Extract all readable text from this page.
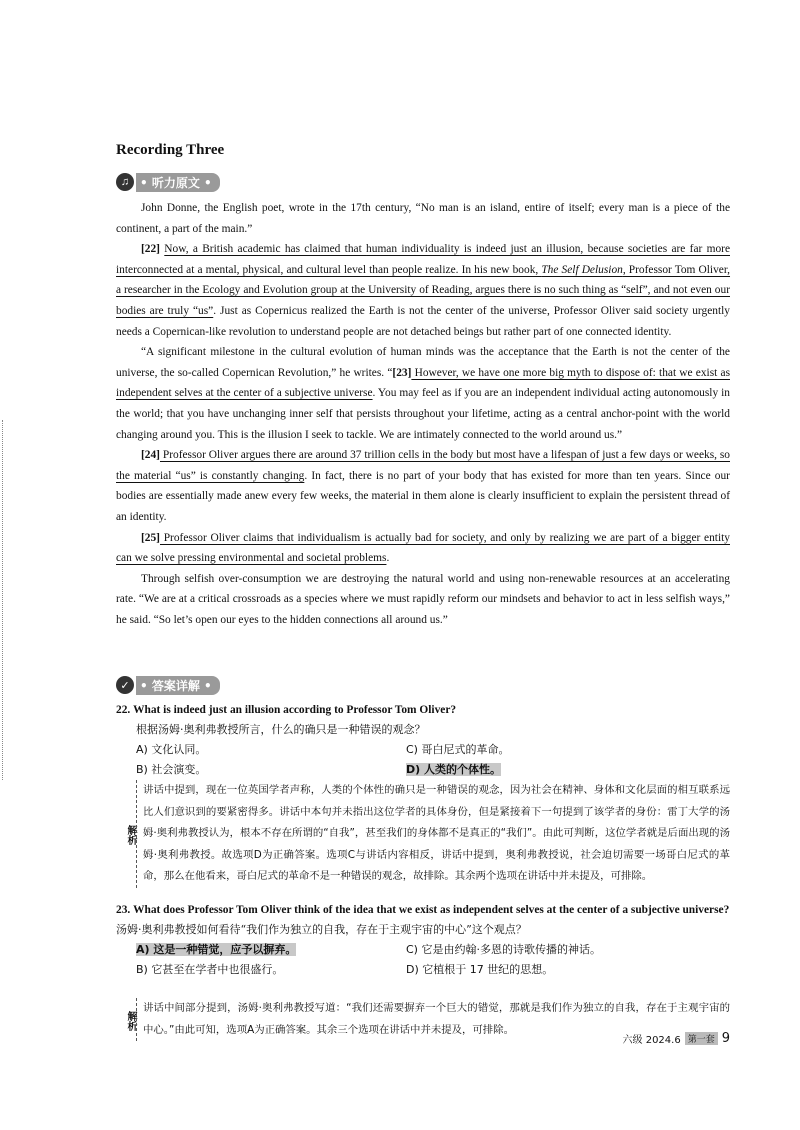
Recording Three
♫ • 听力原文 •

John Donne, the English poet, wrote in the 17th century, “No man is an island, entire of itself; every man is a piece of the continent, a part of the main.”

[22] Now, a British academic has claimed that human individuality is indeed just an illusion, because societies are far more interconnected at a mental, physical, and cultural level than people realize. In his new book, The Self Delusion, Professor Tom Oliver, a researcher in the Ecology and Evolution group at the University of Reading, argues there is no such thing as “self”, and not even our bodies are truly “us”. Just as Copernicus realized the Earth is not the center of the universe, Professor Oliver said society urgently needs a Copernican-like revolution to understand people are not detached beings but rather part of one connected identity.

“A significant milestone in the cultural evolution of human minds was the acceptance that the Earth is not the center of the universe, the so-called Copernican Revolution,” he writes. “[23] However, we have one more big myth to dispose of: that we exist as independent selves at the center of a subjective universe. You may feel as if you are an independent individual acting autonomously in the world; that you have unchanging inner self that persists throughout your lifetime, acting as a central anchor-point with the world changing around you. This is the illusion I seek to tackle. We are intimately connected to the world around us.”

[24] Professor Oliver argues there are around 37 trillion cells in the body but most have a lifespan of just a few days or weeks, so the material “us” is constantly changing. In fact, there is no part of your body that has existed for more than ten years. Since our bodies are essentially made anew every few weeks, the material in them alone is clearly insufficient to explain the persistent thread of an identity.

[25] Professor Oliver claims that individualism is actually bad for society, and only by realizing we are part of a bigger entity can we solve pressing environmental and societal problems.

Through selfish over-consumption we are destroying the natural world and using non-renewable resources at an accelerating rate. “We are at a critical crossroads as a species where we must rapidly reform our mindsets and behavior to act in less selfish ways,” he said. “So let’s open our eyes to the hidden connections all around us.”

✓ • 答案详解 •
22. What is indeed just an illusion according to Professor Tom Oliver?
根据汤姆·奥利弗教授所言，什么的确只是一种错误的观念？
A) 文化认同。	C) 哥白尼式的革命。
B) 社会演变。	D) 人类的个体性。
解析
讲话中提到，现在一位英国学者声称，人类的个体性的确只是一种错误的观念，因为社会在精神、身体和文化层面的相互联系远比人们意识到的要紧密得多。讲话中本句并未指出这位学者的具体身份，但是紧接着下一句提到了该学者的身份：雷丁大学的汤姆·奥利弗教授认为，根本不存在所谓的“自我”，甚至我们的身体都不是真正的“我们”。由此可判断，这位学者就是后面出现的汤姆·奥利弗教授。故选项D为正确答案。选项C与讲话内容相反，讲话中提到，奥利弗教授说，社会迫切需要一场哥白尼式的革命，那么在他看来，哥白尼式的革命不是一种错误的观念，故排除。其余两个选项在讲话中并未提及，可排除。
23. What does Professor Tom Oliver think of the idea that we exist as independent selves at the center of a subjective universe? 汤姆·奥利弗教授如何看待“我们作为独立的自我，存在于主观宇宙的中心”这个观点？
A) 这是一种错觉，应予以摒弃。	C) 它是由约翰·多恩的诗歌传播的神话。
B) 它甚至在学者中也很盛行。	D) 它植根于 17 世纪的思想。
解析
讲话中间部分提到，汤姆·奥利弗教授写道：“我们还需要摒弃一个巨大的错觉，那就是我们作为独立的自我，存在于主观宇宙的中心。”由此可知，选项A为正确答案。其余三个选项在讲话中并未提及，可排除。
六级 2024.6 第一套 9
